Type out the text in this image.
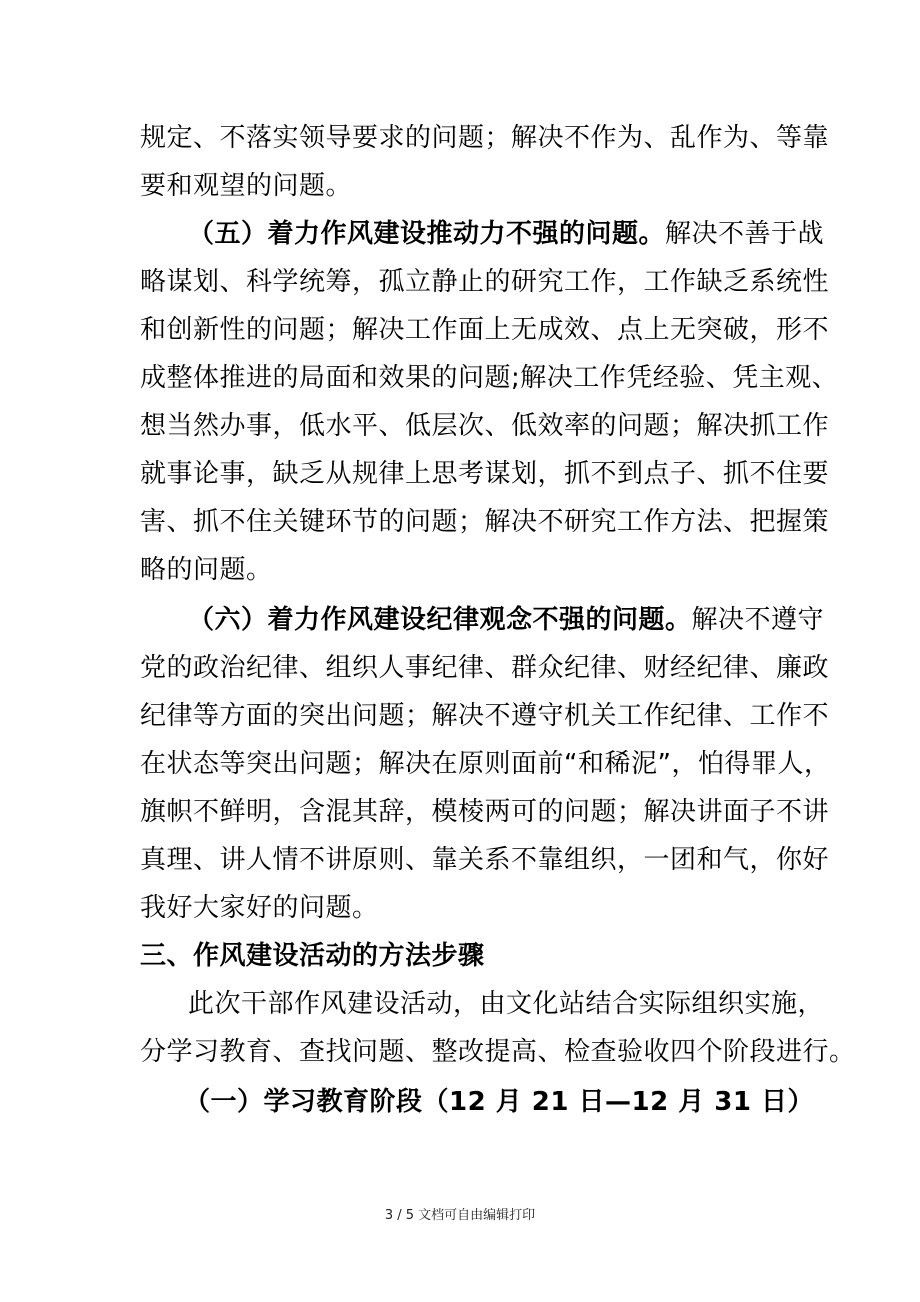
规定、不落实领导要求的问题；解决不作为、乱作为、等靠
要和观望的问题。
（五）着力作风建设推动力不强的问题。解决不善于战
略谋划、科学统筹，孤立静止的研究工作，工作缺乏系统性
和创新性的问题；解决工作面上无成效、点上无突破，形不
成整体推进的局面和效果的问题;解决工作凭经验、凭主观、
想当然办事，低水平、低层次、低效率的问题；解决抓工作
就事论事，缺乏从规律上思考谋划，抓不到点子、抓不住要
害、抓不住关键环节的问题；解决不研究工作方法、把握策
略的问题。
（六）着力作风建设纪律观念不强的问题。解决不遵守
党的政治纪律、组织人事纪律、群众纪律、财经纪律、廉政
纪律等方面的突出问题；解决不遵守机关工作纪律、工作不
在状态等突出问题；解决在原则面前“和稀泥”，怕得罪人，
旗帜不鲜明，含混其辞，模棱两可的问题；解决讲面子不讲
真理、讲人情不讲原则、靠关系不靠组织，一团和气，你好
我好大家好的问题。
三、作风建设活动的方法步骤
此次干部作风建设活动，由文化站结合实际组织实施，
分学习教育、查找问题、整改提高、检查验收四个阶段进行。
（一）学习教育阶段（12 月 21 日—12 月 31 日）
3 / 5 文档可自由编辑打印
